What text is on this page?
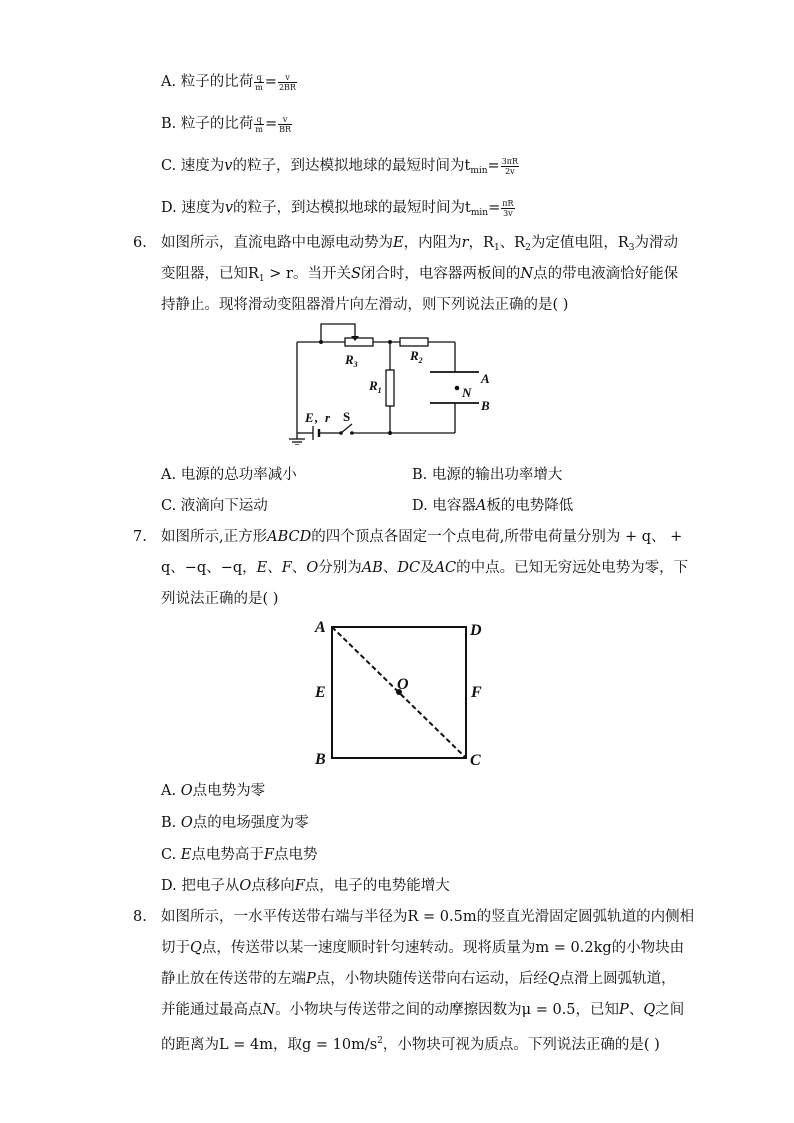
A. 粒子的比荷 $\frac{q}{m} = \frac{v}{2BR}$
B. 粒子的比荷 $\frac{q}{m} = \frac{v}{BR}$
C. 速度为v的粒子，到达模拟地球的最短时间为$t_{min}= \frac{3\pi R}{2v}$
D. 速度为v的粒子，到达模拟地球的最短时间为$t_{min}= \frac{\pi R}{3v}$
6. 如图所示，直流电路中电源电动势为E，内阻为r，$R_1$、$R_2$为定值电阻，$R_3$为滑动
变阻器，已知$R_1 > r$。当开关S闭合时，电容器两板间的N点的带电液滴恰好能保
持静止。现将滑动变阻器滑片向左滑动，则下列说法正确的是( )
$R_3$
$R_2$
$R_1$
A
B
N
E , r S
A. 电源的总功率减小	B. 电源的输出功率增大
C. 液滴向下运动	D. 电容器A板的电势降低
7. 如图所示,正方形ABCD的四个顶点各固定一个点电荷,所带电荷量分别为 + q、 +
q、−q、−q，E、F、O分别为AB、DC及AC的中点。已知无穷远处电势为零，下
列说法正确的是( )
A	D
B	C
E	F
O
A. O点电势为零
B. O点的电场强度为零
C. E点电势高于F点电势
D. 把电子从O点移向F点，电子的电势能增大
8. 如图所示，一水平传送带右端与半径为R = 0.5m的竖直光滑固定圆弧轨道的内侧相
切于Q点，传送带以某一速度顺时针匀速转动。现将质量为m = 0.2kg的小物块由
静止放在传送带的左端P点，小物块随传送带向右运动，后经Q点滑上圆弧轨道，
并能通过最高点N。小物块与传送带之间的动摩擦因数为μ = 0.5，已知P、Q之间
的距离为L = 4m，取$g = 10m/s^2$，小物块可视为质点。下列说法正确的是( )
